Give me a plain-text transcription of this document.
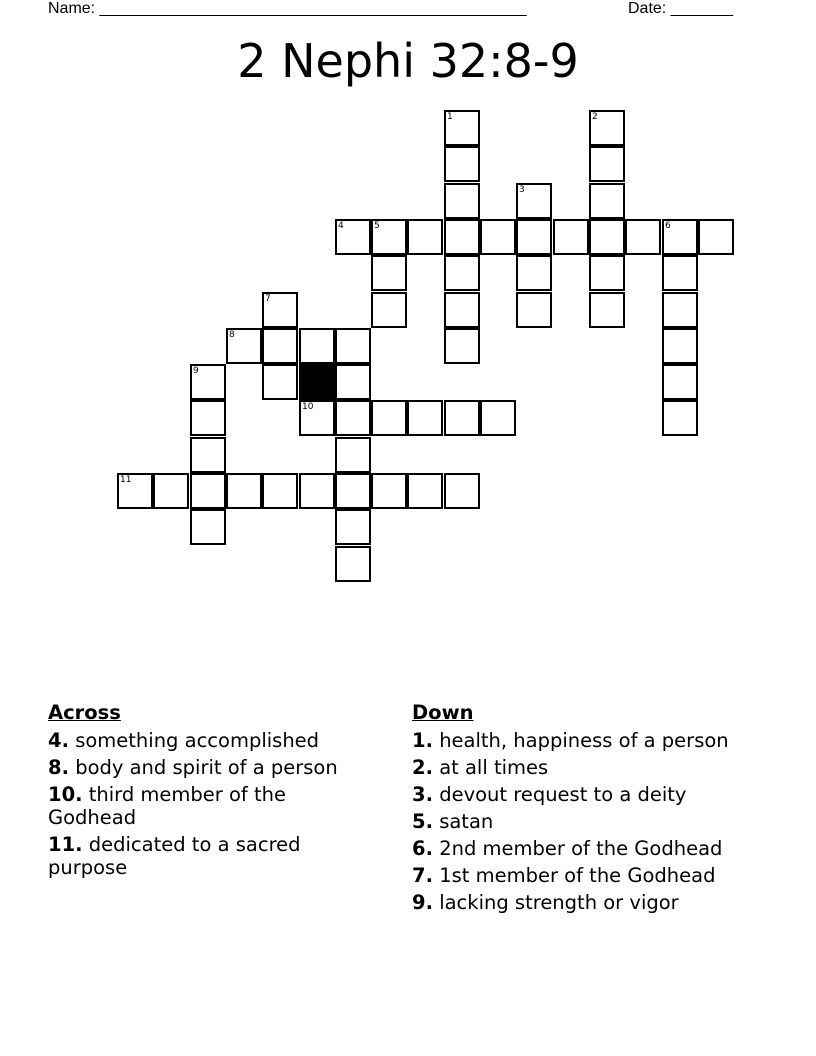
Name: ________________________________________________	Date: _______
2 Nephi 32:8-9
1	2
3
4	5	6
7
8
9
10
11
Across
4. something accomplished
8. body and spirit of a person
10. third member of the Godhead
11. dedicated to a sacred purpose
Down
1. health, happiness of a person
2. at all times
3. devout request to a deity
5. satan
6. 2nd member of the Godhead
7. 1st member of the Godhead
9. lacking strength or vigor
